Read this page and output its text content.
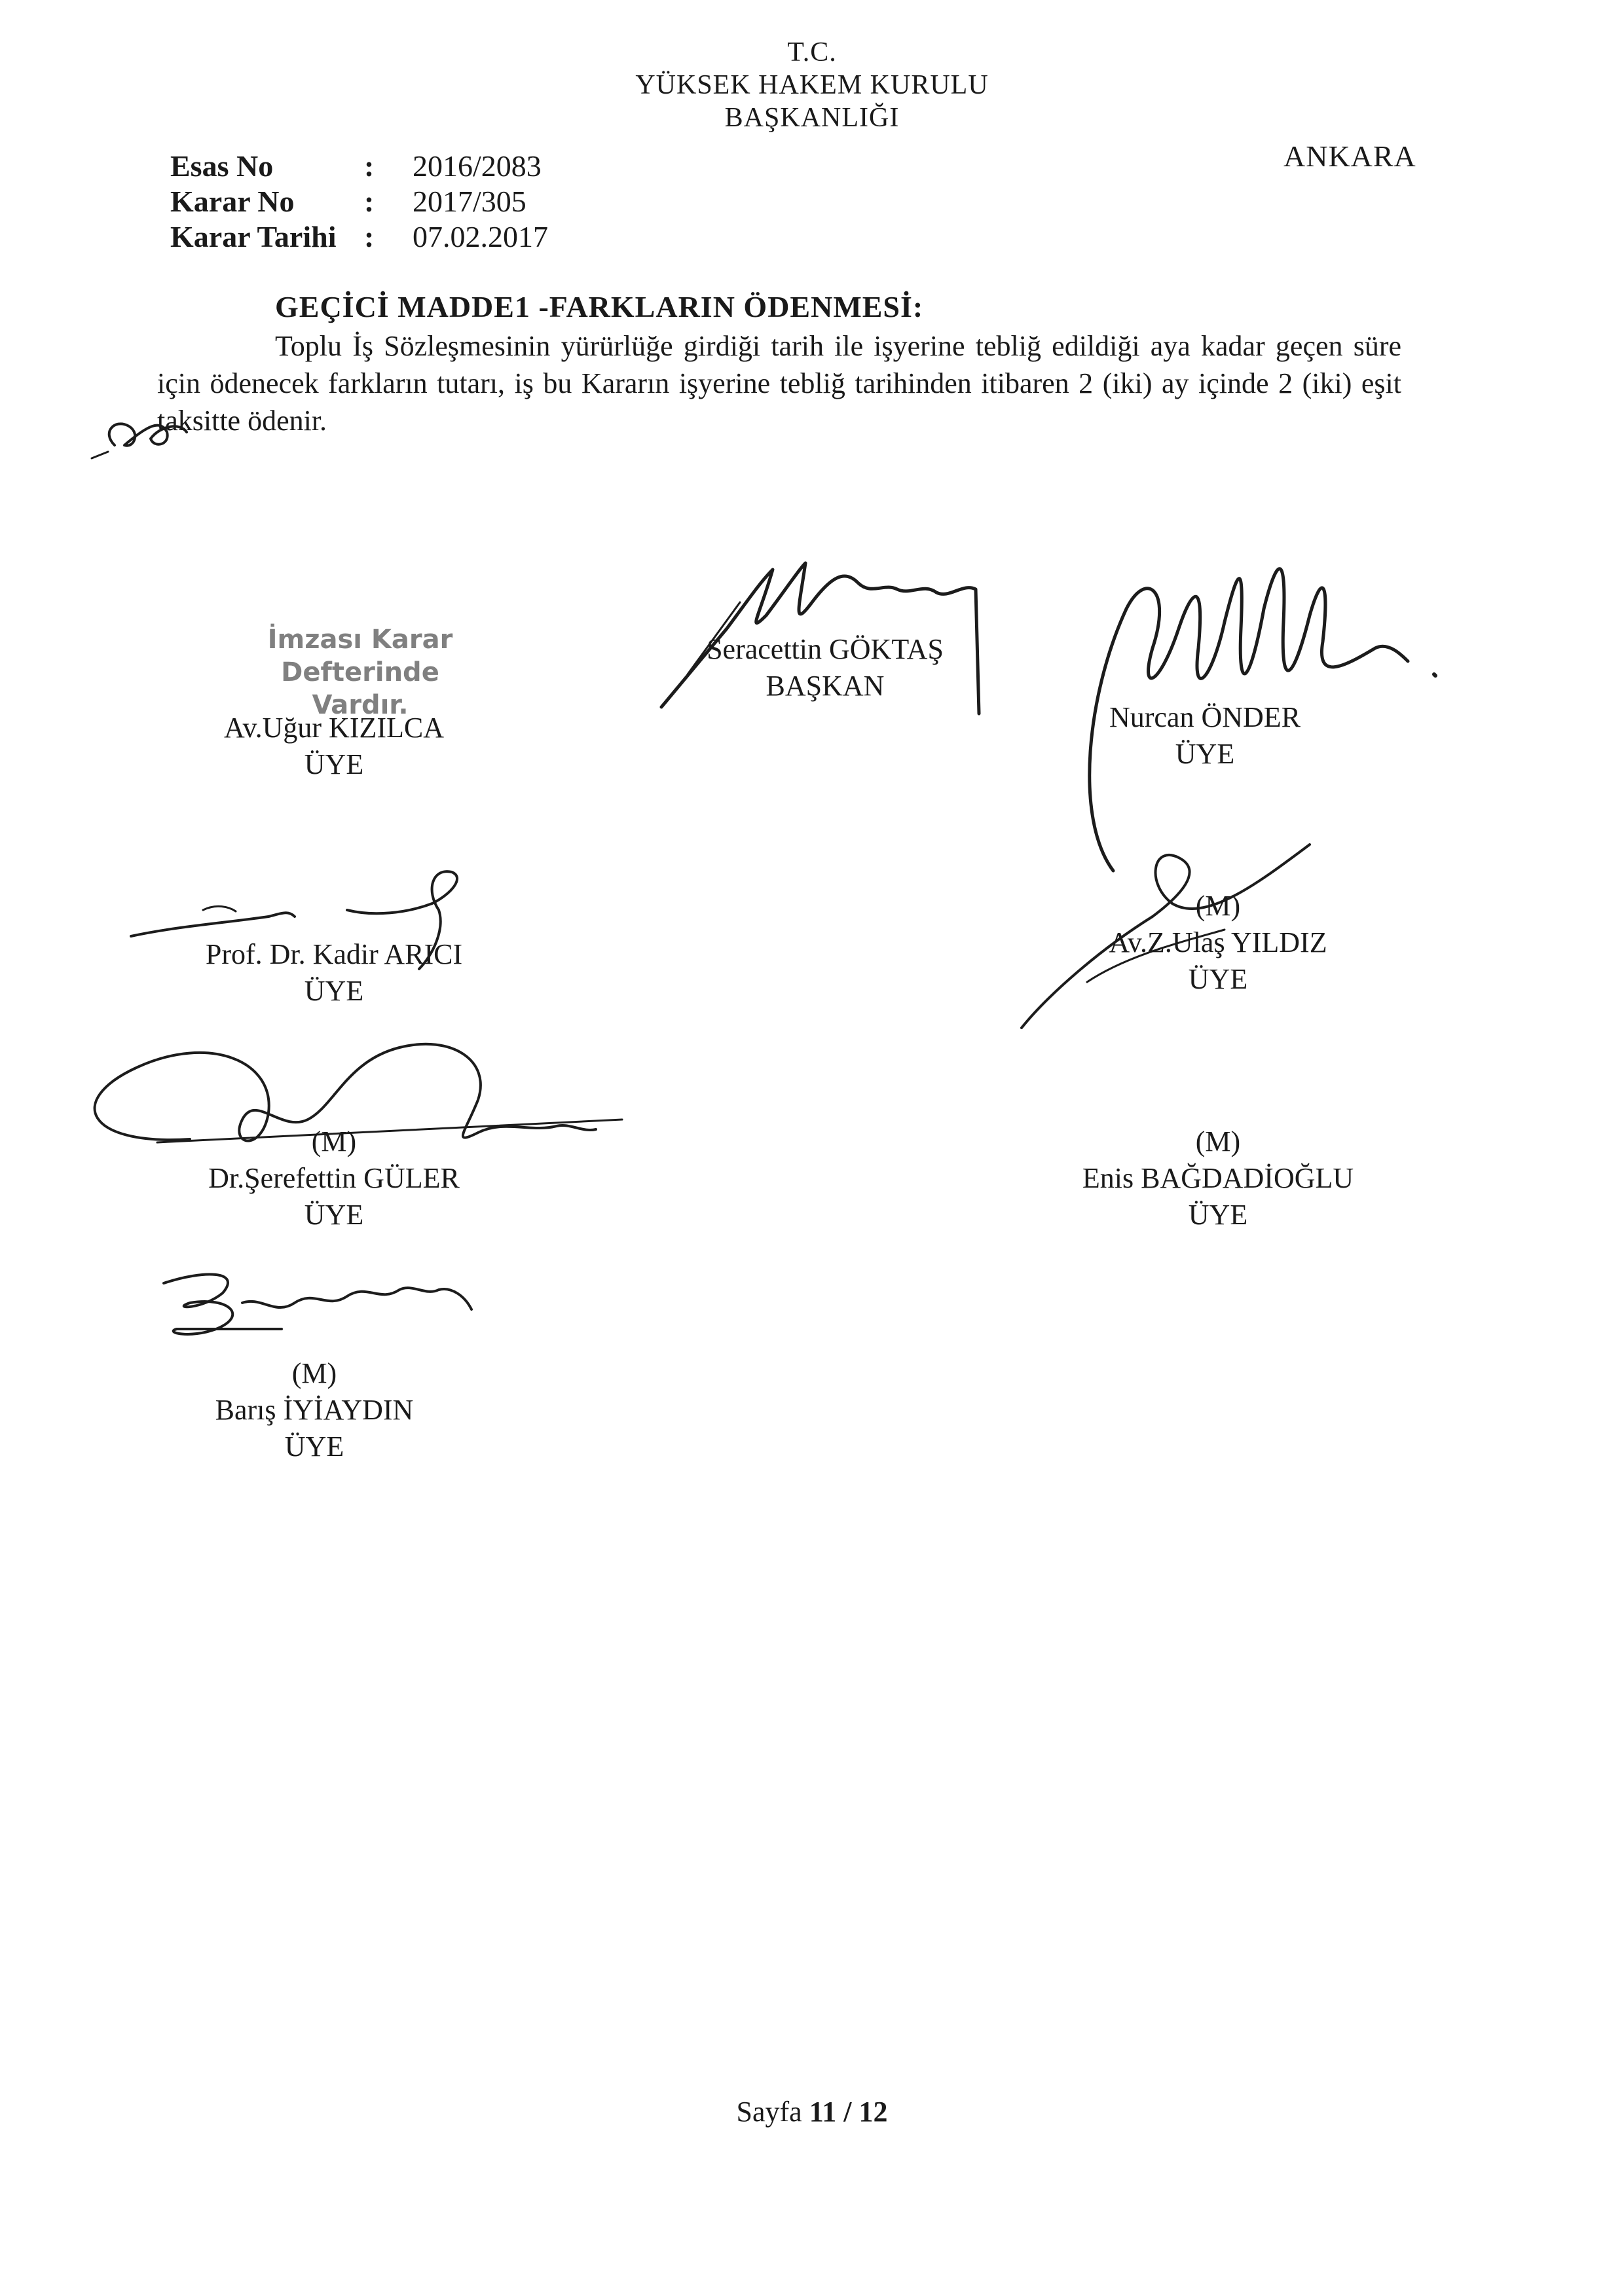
T.C.
YÜKSEK HAKEM KURULU
BAŞKANLIĞI
ANKARA
Esas No	: 2016/2083
Karar No : 2017/305
Karar Tarihi : 07.02.2017
GEÇİCİ MADDE1 -FARKLARIN ÖDENMESİ:
Toplu İş Sözleşmesinin yürürlüğe girdiği tarih ile işyerine tebliğ edildiği aya kadar geçen süre için ödenecek farkların tutarı, iş bu Kararın işyerine tebliğ tarihinden itibaren 2 (iki) ay içinde 2 (iki) eşit taksitte ödenir.
İmzası Karar Defterinde
Vardır.
Seracettin GÖKTAŞ
BAŞKAN
Av.Uğur KIZILCA
ÜYE
Nurcan ÖNDER
ÜYE
Prof. Dr. Kadir ARICI
ÜYE
(M)
Av.Z.Ulaş YILDIZ
ÜYE
(M)
Dr.Şerefettin GÜLER
ÜYE
(M)
Enis BAĞDADİOĞLU
ÜYE
(M)
Barış İYİAYDIN
ÜYE
Sayfa 11 / 12
